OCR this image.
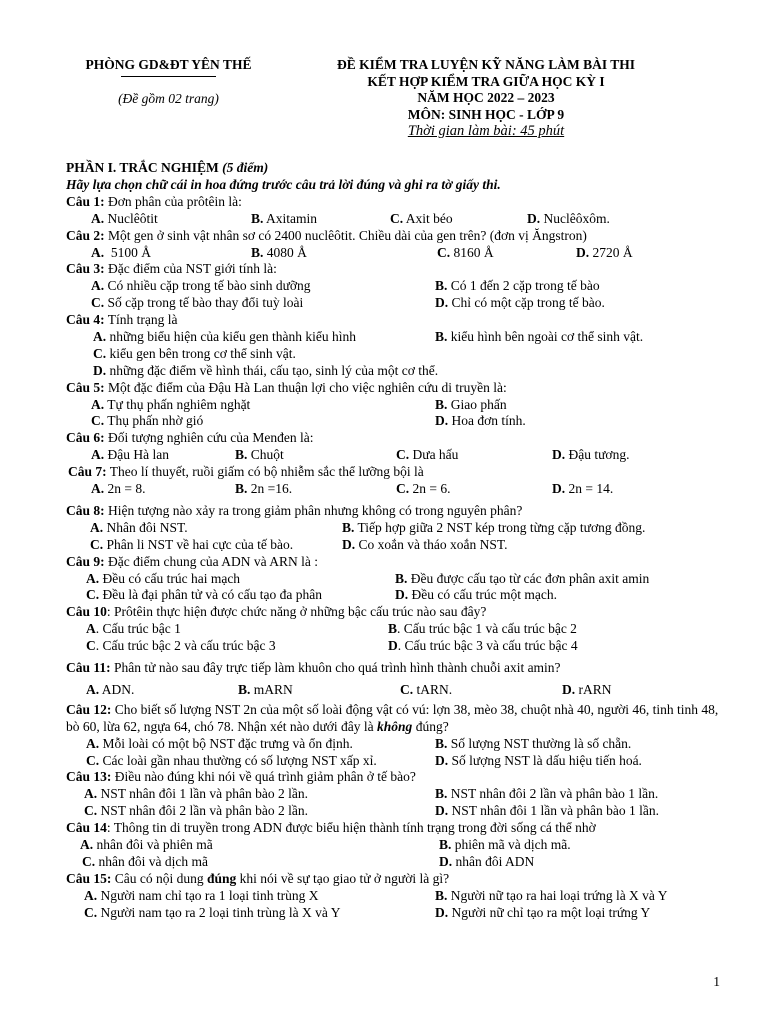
PHÒNG GD&ĐT YÊN THẾ
(Đề gồm 02 trang)
ĐỀ KIỂM TRA LUYỆN KỸ NĂNG LÀM BÀI THI
KẾT HỢP KIỂM TRA GIỮA HỌC KỲ I
NĂM HỌC 2022 – 2023
MÔN: SINH HỌC - LỚP 9
Thời gian làm bài: 45 phút
PHẦN I. TRẮC NGHIỆM (5 điểm)
Hãy lựa chọn chữ cái in hoa đứng trước câu trả lời đúng và ghi ra tờ giấy thi.
Câu 1: Đơn phân của prôtêin là:
A. Nuclêôtit	B. Axitamin	C. Axit béo	D. Nuclêôxôm.
Câu 2: Một gen ở sinh vật nhân sơ có 2400 nuclêôtit. Chiều dài của gen trên? (đơn vị Ăngstron)
A. 5100 Å	B. 4080 Å	C. 8160 Å	D. 2720 Å
Câu 3: Đặc điểm của NST giới tính là:
A. Có nhiều cặp trong tế bào sinh dưỡng	B. Có 1 đến 2 cặp trong tế bào
C. Số cặp trong tế bào thay đổi tuỳ loài	D. Chỉ có một cặp trong tế bào.
Câu 4: Tính trạng là
A. những biểu hiện của kiểu gen thành kiểu hình	B. kiểu hình bên ngoài cơ thể sinh vật.
C. kiểu gen bên trong cơ thể sinh vật.
D. những đặc điểm về hình thái, cấu tạo, sinh lý của một cơ thể.
Câu 5: Một đặc điểm của Đậu Hà Lan thuận lợi cho việc nghiên cứu di truyền là:
A. Tự thụ phấn nghiêm nghặt	B. Giao phấn
C. Thụ phấn nhờ gió	D. Hoa đơn tính.
Câu 6: Đối tượng nghiên cứu của Menđen là:
A. Đậu Hà lan	B. Chuột	C. Dưa hấu	D. Đậu tương.
Câu 7: Theo lí thuyết, ruồi giấm có bộ nhiễm sắc thể lưỡng bội là
A. 2n = 8.	B. 2n =16.	C. 2n = 6.	D. 2n = 14.
Câu 8: Hiện tượng nào xảy ra trong giảm phân nhưng không có trong nguyên phân?
A. Nhân đôi NST.	B. Tiếp hợp giữa 2 NST kép trong từng cặp tương đồng.
C. Phân li NST về hai cực của tế bào.	D. Co xoắn và tháo xoắn NST.
Câu 9: Đặc điểm chung của ADN và ARN là :
A. Đều có cấu trúc hai mạch	B. Đều được cấu tạo từ các đơn phân axit amin
C. Đều là đại phân tử và có cấu tạo đa phân	D. Đều có cấu trúc một mạch.
Câu 10: Prôtêin thực hiện được chức năng ở những bậc cấu trúc nào sau đây?
A. Cấu trúc bậc 1	B. Cấu trúc bậc 1 và cấu trúc bậc 2
C. Cấu trúc bậc 2 và cấu trúc bậc 3	D. Cấu trúc bậc 3 và cấu trúc bậc 4
Câu 11: Phân tử nào sau đây trực tiếp làm khuôn cho quá trình hình thành chuỗi axit amin?
A. ADN.	B. mARN	C. tARN.	D. rARN
Câu 12: Cho biết số lượng NST 2n của một số loài động vật có vú: lợn 38, mèo 38, chuột nhà 40, người 46, tinh tinh 48, bò 60, lừa 62, ngựa 64, chó 78. Nhận xét nào dưới đây là không đúng?
A. Mỗi loài có một bộ NST đặc trưng và ổn định.	B. Số lượng NST thường là số chẵn.
C. Các loài gần nhau thường có số lượng NST xấp xỉ.	D. Số lượng NST là dấu hiệu tiến hoá.
Câu 13: Điều nào đúng khi nói về quá trình giảm phân ở tế bào?
A. NST nhân đôi 1 lần và phân bào 2 lần.	B. NST nhân đôi 2 lần và phân bào 1 lần.
C. NST nhân đôi 2 lần và phân bào 2 lần.	D. NST nhân đôi 1 lần và phân bào 1 lần.
Câu 14: Thông tin di truyền trong ADN được biểu hiện thành tính trạng trong đời sống cá thể nhờ
A. nhân đôi và phiên mã	B. phiên mã và dịch mã.
C. nhân đôi và dịch mã	D. nhân đôi ADN
Câu 15: Câu có nội dung đúng khi nói về sự tạo giao tử ở người là gì?
A. Người nam chỉ tạo ra 1 loại tinh trùng X	B. Người nữ tạo ra hai loại trứng là X và Y
C. Người nam tạo ra 2 loại tinh trùng là X và Y	D. Người nữ chỉ tạo ra một loại trứng Y
1
